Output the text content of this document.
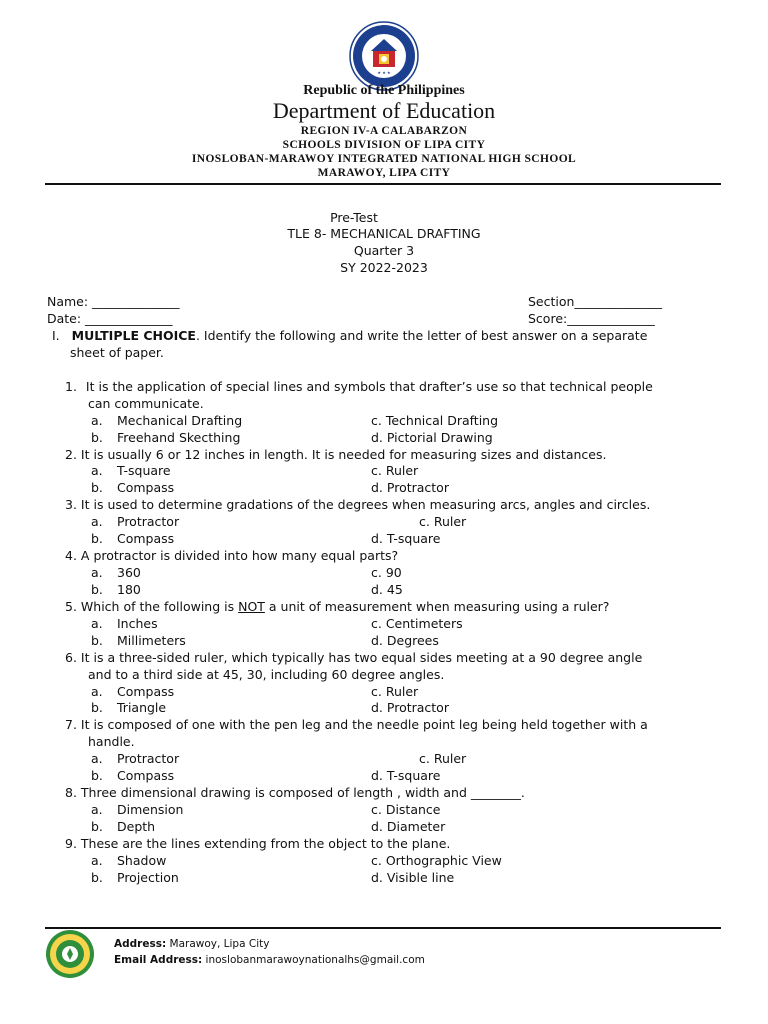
★ ★ ★
Republic of the Philippines
Department of Education
REGION IV-A CALABARZON
SCHOOLS DIVISION OF LIPA CITY
INOSLOBAN-MARAWOY INTEGRATED NATIONAL HIGH SCHOOL
MARAWOY, LIPA CITY
Pre-Test
TLE 8- MECHANICAL DRAFTING
Quarter 3
SY 2022-2023
Name: ______________
Date: ______________
Section______________
Score:______________
I. MULTIPLE CHOICE. Identify the following and write the letter of best answer on a separate
sheet of paper.
1. It is the application of special lines and symbols that drafter’s use so that technical people
can communicate.
a. Mechanical Drafting	c. Technical Drafting
b. Freehand Skecthing	d. Pictorial Drawing
2. It is usually 6 or 12 inches in length. It is needed for measuring sizes and distances.
a. T-square	c. Ruler
b. Compass	d. Protractor
3. It is used to determine gradations of the degrees when measuring arcs, angles and circles.
a. Protractor	c. Ruler
b. Compass	d. T-square
4. A protractor is divided into how many equal parts?
a. 360	c. 90
b. 180	d. 45
5. Which of the following is NOT a unit of measurement when measuring using a ruler?
a. Inches	c. Centimeters
b. Millimeters	d. Degrees
6. It is a three-sided ruler, which typically has two equal sides meeting at a 90 degree angle
and to a third side at 45, 30, including 60 degree angles.
a. Compass	c. Ruler
b. Triangle	d. Protractor
7. It is composed of one with the pen leg and the needle point leg being held together with a
handle.
a. Protractor	c. Ruler
b. Compass	d. T-square
8. Three dimensional drawing is composed of length , width and ________.
a. Dimension	c. Distance
b. Depth	d. Diameter
9. These are the lines extending from the object to the plane.
a. Shadow	c. Orthographic View
b. Projection	d. Visible line
Address: Marawoy, Lipa City
Email Address: inoslobanmarawoynationalhs@gmail.com
